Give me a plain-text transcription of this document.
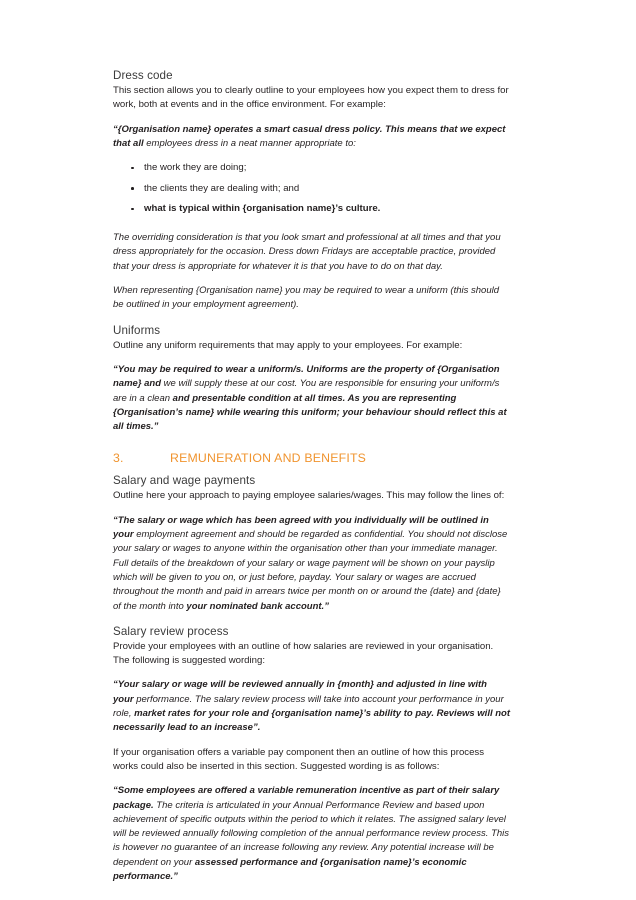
Dress code

This section allows you to clearly outline to your employees how you expect them to dress for work, both at events and in the office environment. For example:

“{Organisation name} operates a smart casual dress policy. This means that we expect that all employees dress in a neat manner appropriate to:

the work they are doing;
the clients they are dealing with; and
what is typical within {organisation name}’s culture.

The overriding consideration is that you look smart and professional at all times and that you dress appropriately for the occasion. Dress down Fridays are acceptable practice, provided that your dress is appropriate for whatever it is that you have to do on that day.

When representing {Organisation name} you may be required to wear a uniform (this should be outlined in your employment agreement).

Uniforms

Outline any uniform requirements that may apply to your employees. For example:

“You may be required to wear a uniform/s. Uniforms are the property of {Organisation name} and we will supply these at our cost. You are responsible for ensuring your uniform/s are in a clean and presentable condition at all times. As you are representing {Organisation’s name} while wearing this uniform; your behaviour should reflect this at all times.”

3.	REMUNERATION AND BENEFITS
Salary and wage payments

Outline here your approach to paying employee salaries/wages. This may follow the lines of:

“The salary or wage which has been agreed with you individually will be outlined in your employment agreement and should be regarded as confidential. You should not disclose your salary or wages to anyone within the organisation other than your immediate manager. Full details of the breakdown of your salary or wage payment will be shown on your payslip which will be given to you on, or just before, payday. Your salary or wages are accrued throughout the month and paid in arrears twice per month on or around the {date} and {date} of the month into your nominated bank account.”

Salary review process

Provide your employees with an outline of how salaries are reviewed in your organisation. The following is suggested wording:

“Your salary or wage will be reviewed annually in {month} and adjusted in line with your performance. The salary review process will take into account your performance in your role, market rates for your role and {organisation name}’s ability to pay. Reviews will not necessarily lead to an increase”.

If your organisation offers a variable pay component then an outline of how this process works could also be inserted in this section. Suggested wording is as follows:

“Some employees are offered a variable remuneration incentive as part of their salary package. The criteria is articulated in your Annual Performance Review and based upon achievement of specific outputs within the period to which it relates. The assigned salary level will be reviewed annually following completion of the annual performance review process. This is however no guarantee of an increase following any review. Any potential increase will be dependent on your assessed performance and {organisation name}’s economic performance.”
